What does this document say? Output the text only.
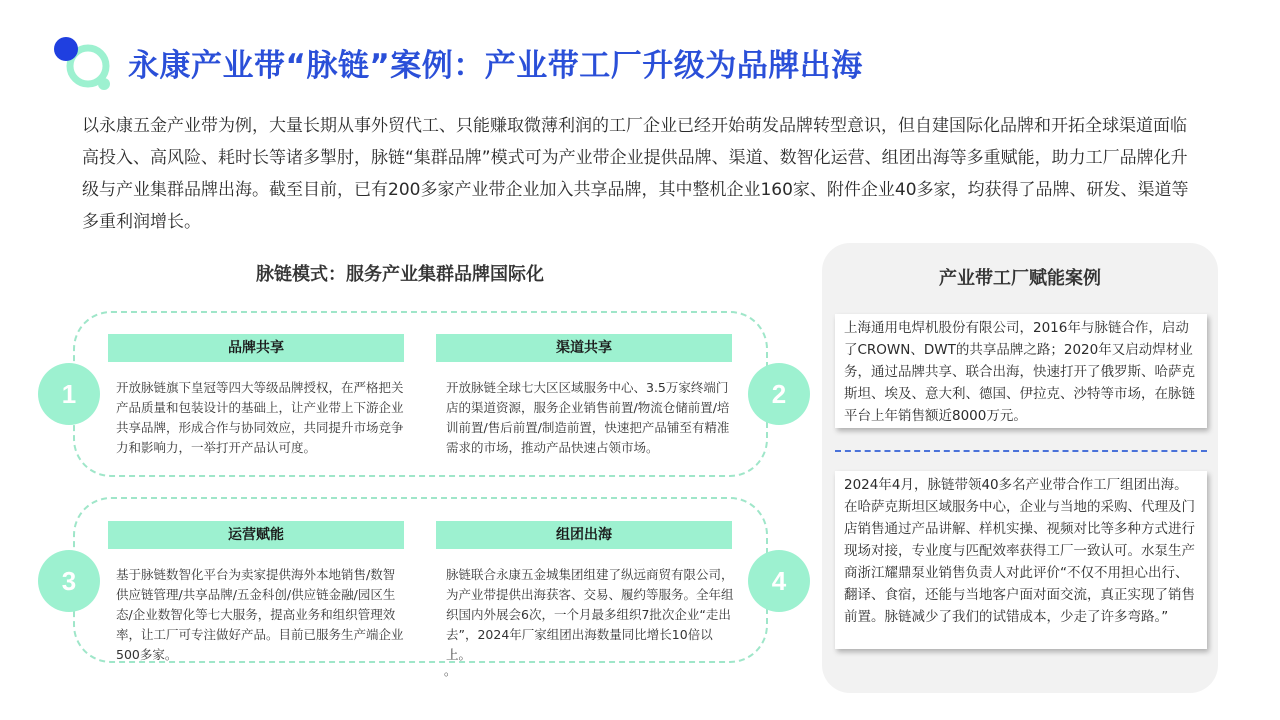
永康产业带“脉链”案例：产业带工厂升级为品牌出海

以永康五金产业带为例，大量长期从事外贸代工、只能赚取微薄利润的工厂企业已经开始萌发品牌转型意识，但自建国际化品牌和开拓全球渠道面临高投入、高风险、耗时长等诸多掣肘，脉链“集群品牌”模式可为产业带企业提供品牌、渠道、数智化运营、组团出海等多重赋能，助力工厂品牌化升级与产业集群品牌出海。截至目前，已有200多家产业带企业加入共享品牌，其中整机企业160家、附件企业40多家，均获得了品牌、研发、渠道等多重利润增长。

脉链模式：服务产业集群品牌国际化
1	2
3	4
品牌共享

开放脉链旗下皇冠等四大等级品牌授权，在严格把关产品质量和包装设计的基础上，让产业带上下游企业共享品牌，形成合作与协同效应，共同提升市场竞争力和影响力，一举打开产品认可度。

渠道共享

开放脉链全球七大区区域服务中心、3.5万家终端门店的渠道资源，服务企业销售前置/物流仓储前置/培训前置/售后前置/制造前置，快速把产品铺至有精准需求的市场，推动产品快速占领市场。

运营赋能

基于脉链数智化平台为卖家提供海外本地销售/数智供应链管理/共享品牌/五金科创/供应链金融/园区生态/企业数智化等七大服务，提高业务和组织管理效率，让工厂可专注做好产品。目前已服务生产端企业500多家。

组团出海

脉链联合永康五金城集团组建了纵远商贸有限公司，为产业带提供出海获客、交易、履约等服务。全年组织国内外展会6次，一个月最多组织7批次企业“走出去”，2024年厂家组团出海数量同比增长10倍以上。

。
产业带工厂赋能案例

上海通用电焊机股份有限公司，2016年与脉链合作，启动了CROWN、DWT的共享品牌之路；2020年又启动焊材业务，通过品牌共享、联合出海，快速打开了俄罗斯、哈萨克斯坦、埃及、意大利、德国、伊拉克、沙特等市场，在脉链平台上年销售额近8000万元。

2024年4月，脉链带领40多名产业带合作工厂组团出海。在哈萨克斯坦区域服务中心，企业与当地的采购、代理及门店销售通过产品讲解、样机实操、视频对比等多种方式进行现场对接，专业度与匹配效率获得工厂一致认可。水泵生产商浙江耀鼎泵业销售负责人对此评价“不仅不用担心出行、翻译、食宿，还能与当地客户面对面交流，真正实现了销售前置。脉链减少了我们的试错成本，少走了许多弯路。”
